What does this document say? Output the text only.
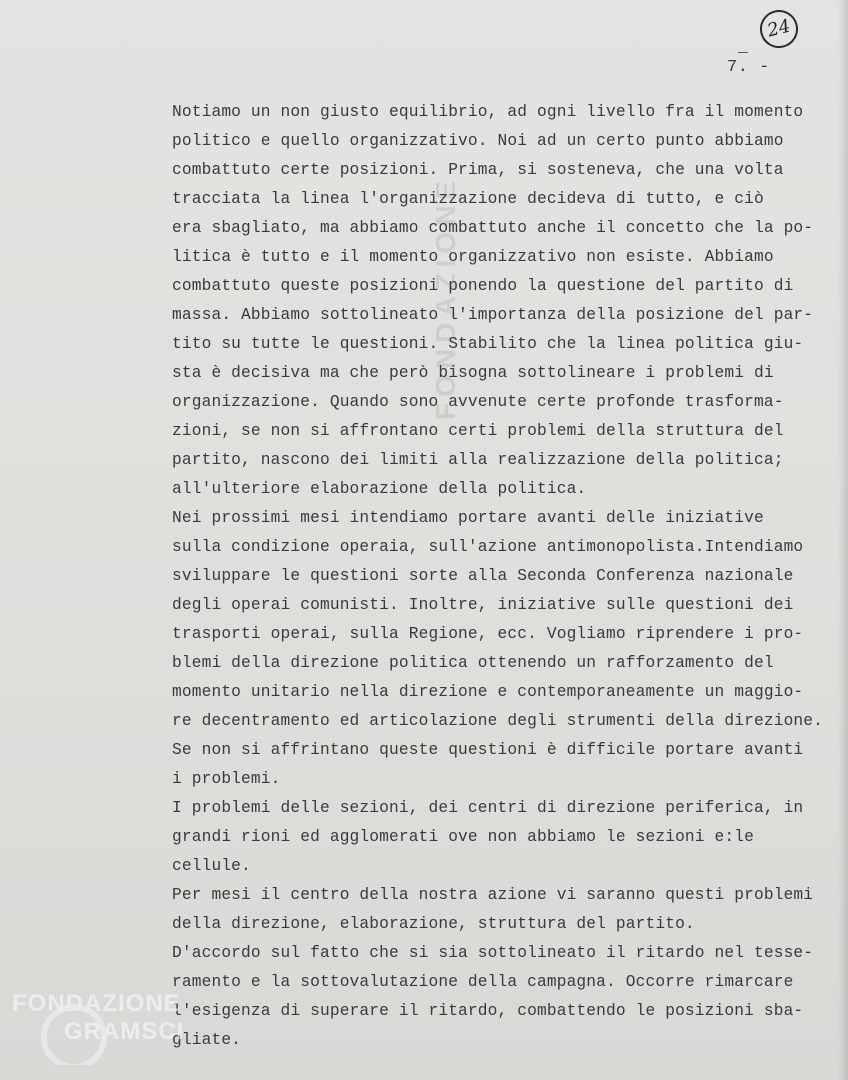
24
7. -
FONDAZIONE
Notiamo un non giusto equilibrio, ad ogni livello fra il momento
politico e quello organizzativo. Noi ad un certo punto abbiamo
combattuto certe posizioni. Prima, si sosteneva, che una volta
tracciata la linea l'organizzazione decideva di tutto, e ciò
era sbagliato, ma abbiamo combattuto anche il concetto che la po-
litica è tutto e il momento organizzativo non esiste. Abbiamo
combattuto queste posizioni ponendo la questione del partito di
massa. Abbiamo sottolineato l'importanza della posizione del par-
tito su tutte le questioni. Stabilito che la linea politica giu-
sta è decisiva ma che però bisogna sottolineare i problemi di
organizzazione. Quando sono avvenute certe profonde trasforma-
zioni, se non si affrontano certi problemi della struttura del
partito, nascono dei limiti alla realizzazione della politica;
all'ulteriore elaborazione della politica.
Nei prossimi mesi intendiamo portare avanti delle iniziative
sulla condizione operaia, sull'azione antimonopolista.Intendiamo
sviluppare le questioni sorte alla Seconda Conferenza nazionale
degli operai comunisti. Inoltre, iniziative sulle questioni dei
trasporti operai, sulla Regione, ecc. Vogliamo riprendere i pro-
blemi della direzione politica ottenendo un rafforzamento del
momento unitario nella direzione e contemporaneamente un maggio-
re decentramento ed articolazione degli strumenti della direzione.
Se non si affrintano queste questioni è difficile portare avanti
i problemi.
I problemi delle sezioni, dei centri di direzione periferica, in
grandi rioni ed agglomerati ove non abbiamo le sezioni e:le
cellule.
Per mesi il centro della nostra azione vi saranno questi problemi
della direzione, elaborazione, struttura del partito.
D'accordo sul fatto che si sia sottolineato il ritardo nel tesse-
ramento e la sottovalutazione della campagna. Occorre rimarcare
l'esigenza di superare il ritardo, combattendo le posizioni sba-
gliate.
FONDAZIONE
GRAMSCI
